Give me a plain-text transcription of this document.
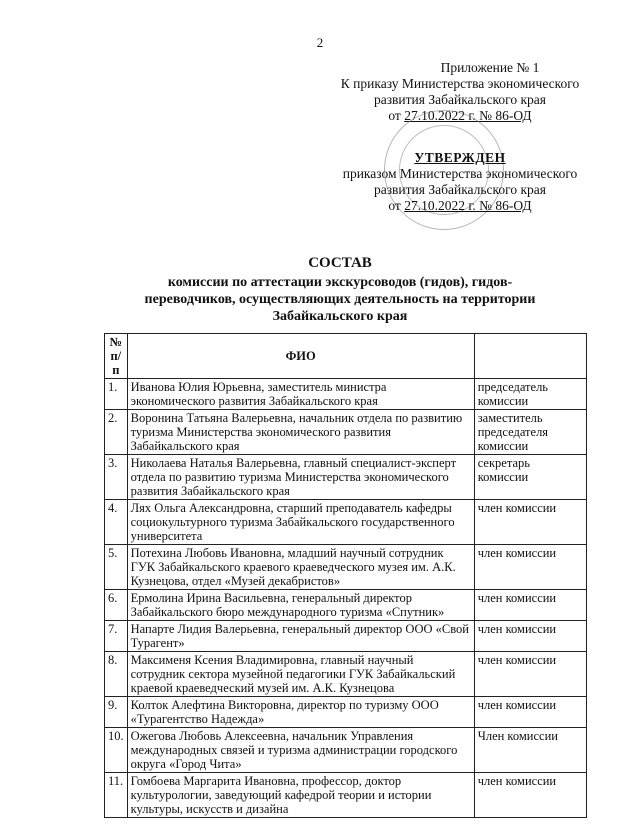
2
Приложение № 1
К приказу Министерства экономического
развития Забайкальского края
от 27.10.2022 г. № 86-ОД
УТВЕРЖДЕН
приказом Министерства экономического
развития Забайкальского края
от 27.10.2022 г. № 86-ОД
СОСТАВ
комиссии по аттестации экскурсоводов (гидов), гидов-
переводчиков, осуществляющих деятельность на территории
Забайкальского края
№ п/п	ФИО	
1.	Иванова Юлия Юрьевна, заместитель министра экономического развития Забайкальского края	председатель комиссии
2.	Воронина Татьяна Валерьевна, начальник отдела по развитию туризма Министерства экономического развития Забайкальского края	заместитель председателя комиссии
3.	Николаева Наталья Валерьевна, главный специалист-эксперт отдела по развитию туризма Министерства экономического развития Забайкальского края	секретарь комиссии
4.	Лях Ольга Александровна, старший преподаватель кафедры социокультурного туризма Забайкальского государственного университета	член комиссии
5.	Потехина Любовь Ивановна, младший научный сотрудник ГУК Забайкальского краевого краеведческого музея им. А.К. Кузнецова, отдел «Музей декабристов»	член комиссии
6.	Ермолина Ирина Васильевна, генеральный директор Забайкальского бюро международного туризма «Спутник»	член комиссии
7.	Напарте Лидия Валерьевна, генеральный директор ООО «Свой Турагент»	член комиссии
8.	Максименя Ксения Владимировна, главный научный сотрудник сектора музейной педагогики ГУК Забайкальский краевой краеведческий музей им. А.К. Кузнецова	член комиссии
9.	Колток Алефтина Викторовна, директор по туризму ООО «Турагентство Надежда»	член комиссии
10.	Ожегова Любовь Алексеевна, начальник Управления международных связей и туризма администрации городского округа «Город Чита»	Член комиссии
11.	Гомбоева Маргарита Ивановна, профессор, доктор культурологии, заведующий кафедрой теории и истории культуры, искусств и дизайна	член комиссии
